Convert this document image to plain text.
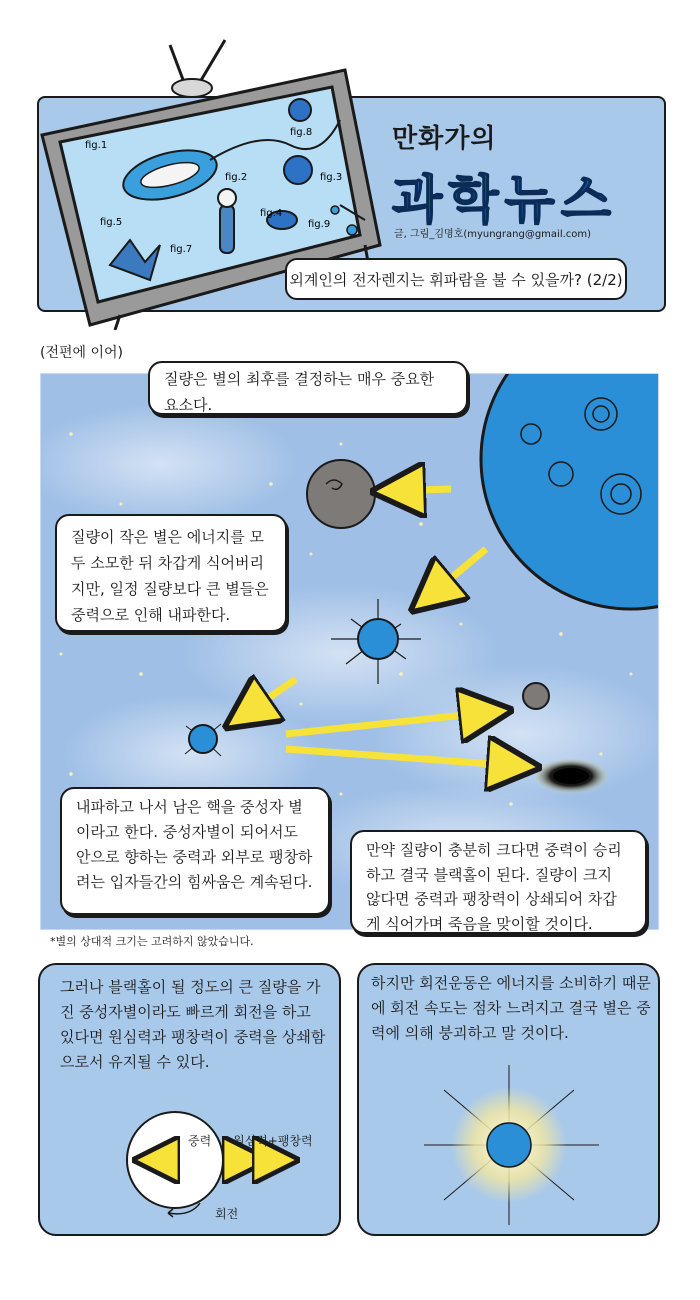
fig.1
fig.2	fig.3
fig.4
fig.5
fig.7
fig.8
fig.9
만화가의
과학뉴스
글, 그림_김명호(myungrang@gmail.com)
외계인의 전자렌지는 휘파람을 불 수 있을까? (2/2)
(전편에 이어)
질량은 별의 최후를 결정하는 매우 중요한 요소다.
질량이 작은 별은 에너지를 모두 소모한 뒤 차갑게 식어버리지만, 일정 질량보다 큰 별들은 중력으로 인해 내파한다.
내파하고 나서 남은 핵을 중성자 별이라고 한다. 중성자별이 되어서도 안으로 향하는 중력과 외부로 팽창하려는 입자들간의 힘싸움은 계속된다.
만약 질량이 충분히 크다면 중력이 승리하고 결국 블랙홀이 된다. 질량이 크지 않다면 중력과 팽창력이 상쇄되어 차갑게 식어가며 죽음을 맞이할 것이다.
*별의 상대적 크기는 고려하지 않았습니다.
그러나 블랙홀이 될 정도의 큰 질량을 가진 중성자별이라도 빠르게 회전을 하고 있다면 원심력과 팽창력이 중력을 상쇄함으로서 유지될 수 있다.
중력 원심력+팽창력
회전
하지만 회전운동은 에너지를 소비하기 때문에 회전 속도는 점차 느려지고 결국 별은 중력에 의해 붕괴하고 말 것이다.
